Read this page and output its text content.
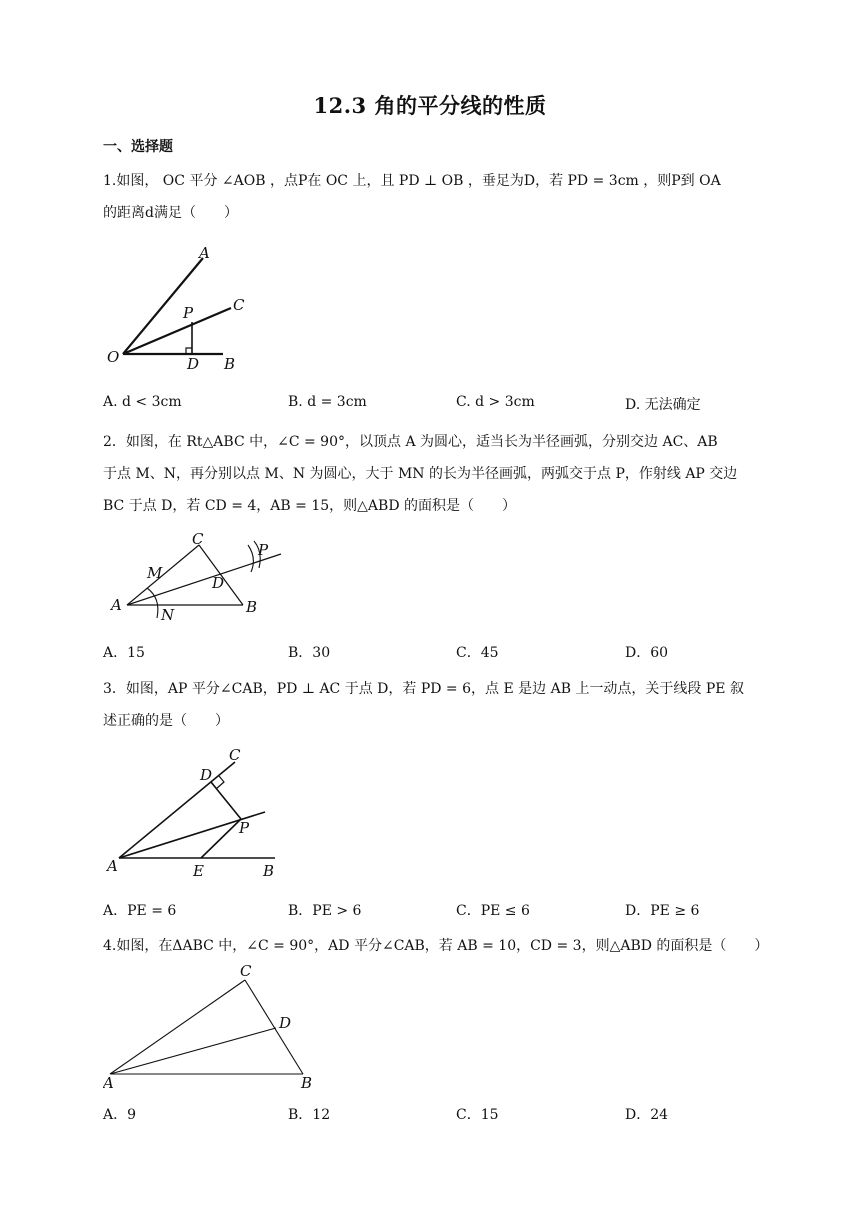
12.3 角的平分线的性质
一、选择题
1.如图， OC 平分 ∠AOB ，点P在 OC 上，且 PD ⊥ OB ，垂足为D，若 PD = 3cm ，则P到 OA
的距离d满足（　　）
A
C
P
O	D B
A. d < 3cm	B. d = 3cm	C. d > 3cm	D. 无法确定
2．如图，在 Rt△ABC 中，∠C = 90°，以顶点 A 为圆心，适当长为半径画弧，分别交边 AC、AB
于点 M、N，再分别以点 M、N 为圆心，大于 MN 的长为半径画弧，两弧交于点 P，作射线 AP 交边
BC 于点 D，若 CD = 4，AB = 15，则△ABD 的面积是（　　）
C
P
M
D
A
N	B
A．15	B．30	C．45	D．60
3．如图，AP 平分∠CAB，PD ⊥ AC 于点 D，若 PD = 6，点 E 是边 AB 上一动点，关于线段 PE 叙
述正确的是（　　）
C
D
P
A	E	B
A．PE = 6	B．PE > 6	C．PE ≤ 6	D．PE ≥ 6
4.如图，在ΔABC 中，∠C = 90°，AD 平分∠CAB，若 AB = 10，CD = 3，则△ABD 的面积是（　　）
C
D
A	B
A．9	B．12	C．15	D．24
